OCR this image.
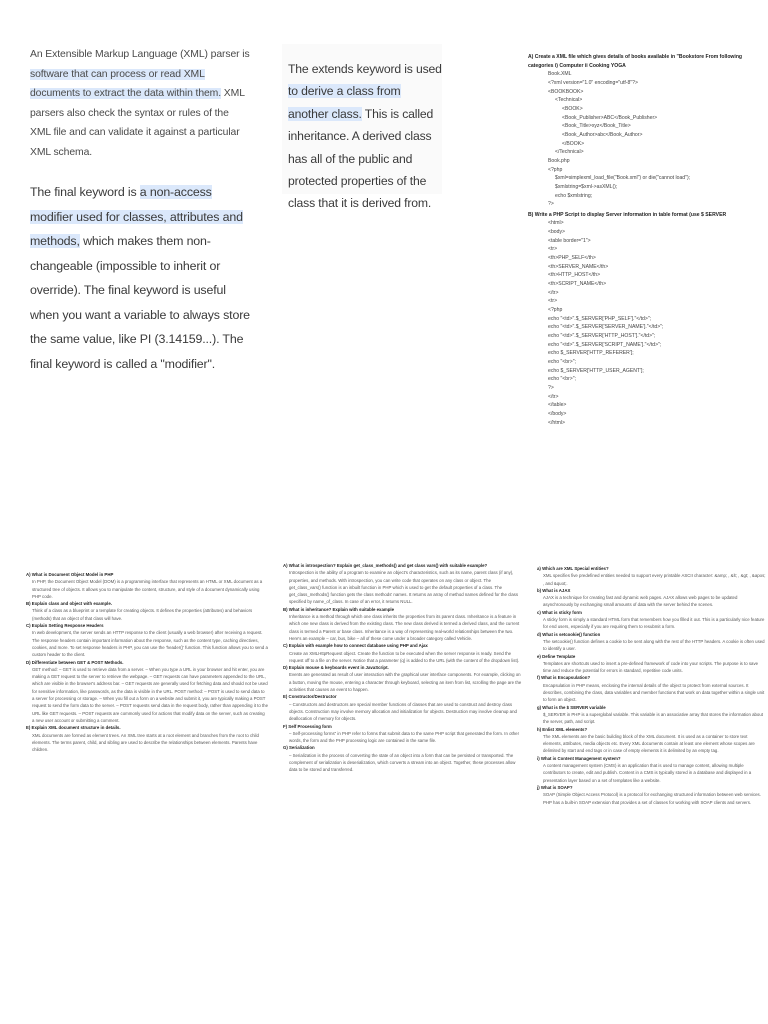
An Extensible Markup Language (XML) parser is software that can process or read XML documents to extract the data within them. XML parsers also check the syntax or rules of the XML file and can validate it against a particular XML schema.

The final keyword is a non-access modifier used for classes, attributes and methods, which makes them non-changeable (impossible to inherit or override). The final keyword is useful when you want a variable to always store the same value, like PI (3.14159...). The final keyword is called a "modifier".

The extends keyword is used to derive a class from another class. This is called inheritance. A derived class has all of the public and protected properties of the class that it is derived from.

A) Create a XML file which gives details of books available in "Bookstore From following categories i) Computer ii Cooking YOGA
Book.XML
<?xml version="1.0" encoding="utf-8"?>
<BOOKBOOK>
<Technical>
<BOOK>
<Book_Publisher>ABC</Book_Publisher>
<Book_Title>xyz</Book_Title>
<Book_Author>abc</Book_Author>
</BOOK>
</Technical>
Book.php
<?php
$xml=simplexml_load_file("Book.xml") or die("cannot load");
$xmlstring=$xml->asXML();
echo $xmlstring;
?>
B) Write a PHP Script to display Server information in table format (use $ SERVER
<html>
<body>
<table border="1">
<tr>
<th>PHP_SELF</th>
<th>SERVER_NAME</th>
<th>HTTP_HOST</th>
<th>SCRIPT_NAME</th>
</tr>
<tr>
<?php
echo "<td>".$_SERVER['PHP_SELF']."</td>";
echo "<td>".$_SERVER['SERVER_NAME']."</td>";
echo "<td>".$_SERVER['HTTP_HOST']."</td>";
echo "<td>".$_SERVER['SCRIPT_NAME']."</td>";
echo $_SERVER['HTTP_REFERER'];
echo "<br>";
echo $_SERVER['HTTP_USER_AGENT'];
echo "<br>";
?>
</tr>
</table>
</body>
</html>
A) What is Document Object Model in PHP
In PHP, the Document Object Model (DOM) is a programming interface that represents an HTML or XML document as a structured tree of objects. It allows you to manipulate the content, structure, and style of a document dynamically using PHP code.
B) Explain class and object with example.
Think of a class as a blueprint or a template for creating objects. It defines the properties (attributes) and behaviors (methods) that an object of that class will have.
C) Explain Setting Response Headers
In web development, the server sends an HTTP response to the client (usually a web browser) after receiving a request. The response headers contain important information about the response, such as the content type, caching directives, cookies, and more. To set response headers in PHP, you can use the 'header()' function. This function allows you to send a custom header to the client.
D) Differentiate between GET & POST Methods.
GET method: – GET is used to retrieve data from a server. – When you type a URL in your browser and hit enter, you are making a GET request to the server to retrieve the webpage. – GET requests can have parameters appended to the URL, which are visible in the browser's address bar. – GET requests are generally used for fetching data and should not be used for sensitive information, like passwords, as the data is visible in the URL. POST method: – POST is used to send data to a server for processing or storage. – When you fill out a form on a website and submit it, you are typically making a POST request to send the form data to the server. – POST requests send data in the request body, rather than appending it to the URL like GET requests. – POST requests are commonly used for actions that modify data on the server, such as creating a new user account or submitting a comment.
E) Explain XML document structure in details.
XML documents are formed as element trees. An XML tree starts at a root element and branches from the root to child elements. The terms parent, child, and sibling are used to describe the relationships between elements. Parents have children.
A) What is introspection? Explain get_class_methods() and get class vars() with suitable example?
Introspection is the ability of a program to examine an object's characteristics, such as its name, parent class (if any), properties, and methods. With introspection, you can write code that operates on any class or object. The get_class_vars() function is an inbuilt function in PHP which is used to get the default properties of a class. The get_class_methods() function gets the class methods' names. It returns an array of method names defined for the class specified by name_of_class. In case of an error, it returns NULL.
B) What is inheritance? Explain with suitable example
Inheritance is a method through which one class inherits the properties from its parent class. Inheritance is a feature in which one new class is derived from the existing class. The new class derived is termed a derived class, and the current class is termed a Parent or base class. Inheritance is a way of representing real-world relationships between the two. Here's an example – car, bus, bike – all of these come under a broader category called Vehicle.
C) Explain with example how to connect database using PHP and Ajax
Create an XMLHttpRequest object. Create the function to be executed when the server response is ready. Send the request off to a file on the server. Notice that a parameter (q) is added to the URL (with the content of the dropdown list).
D) Explain mouse & keyboards event in JavaScript.
Events are generated as result of user interaction with the graphical user interface components. For example, clicking on a button, moving the mouse, entering a character through keyboard, selecting an item from list, scrolling the page are the activities that causes an event to happen.
E) Constructor/Destructor
– Constructors and destructors are special member functions of classes that are used to construct and destroy class objects. Construction may involve memory allocation and initialization for objects. Destruction may involve cleanup and deallocation of memory for objects.
F) Self Processing form
– Self-processing forms" in PHP refer to forms that submit data to the same PHP script that generated the form. In other words, the form and the PHP processing logic are contained in the same file.
G) Serialization
– Serialization is the process of converting the state of an object into a form that can be persisted or transported. The complement of serialization is deserialization, which converts a stream into an object. Together, these processes allow data to be stored and transferred.
a) Which are XML Special entities?
XML specifies five predefined entities needed to support every printable ASCII character: &amp; , &lt; , &gt; , &apos; , and &quot;.
b) What is AJAX
AJAX is a technique for creating fast and dynamic web pages. AJAX allows web pages to be updated asynchronously by exchanging small amounts of data with the server behind the scenes.
c) What is sticky form
A sticky form is simply a standard HTML form that remembers how you filled it out. This is a particularly nice feature for end users, especially if you are requiring them to resubmit a form.
d) What is setcookie() function
The setcookie() function defines a cookie to be sent along with the rest of the HTTP headers. A cookie is often used to identify a user.
e) Define Template
Templates are shortcuts used to insert a pre-defined framework of code into your scripts. The purpose is to save time and reduce the potential for errors in standard, repetitive code units.
f) What is Encapsulation?
Encapsulation in PHP means, enclosing the internal details of the object to protect from external sources. It describes, combining the class, data variables and member functions that work on data together within a single unit to form an object.
g) What is the $ SERVER variable
$_SERVER in PHP is a superglobal variable. This variable is an associative array that stores the information about the server, path, and script.
h) Enlist XML elements?
The XML elements are the basic building block of the XML document. It is used as a container to store text elements, attributes, media objects etc. Every XML documents contain at least one element whose scopes are delimited by start and end tags or in case of empty elements it is delimited by an empty tag.
i) What is Content Management system?
A content management system (CMS) is an application that is used to manage content, allowing multiple contributors to create, edit and publish. Content in a CMS is typically stored in a database and displayed in a presentation layer based on a set of templates like a website.
j) What is SOAP?
SOAP (Simple Object Access Protocol) is a protocol for exchanging structured information between web services. PHP has a built-in SOAP extension that provides a set of classes for working with SOAP clients and servers.
